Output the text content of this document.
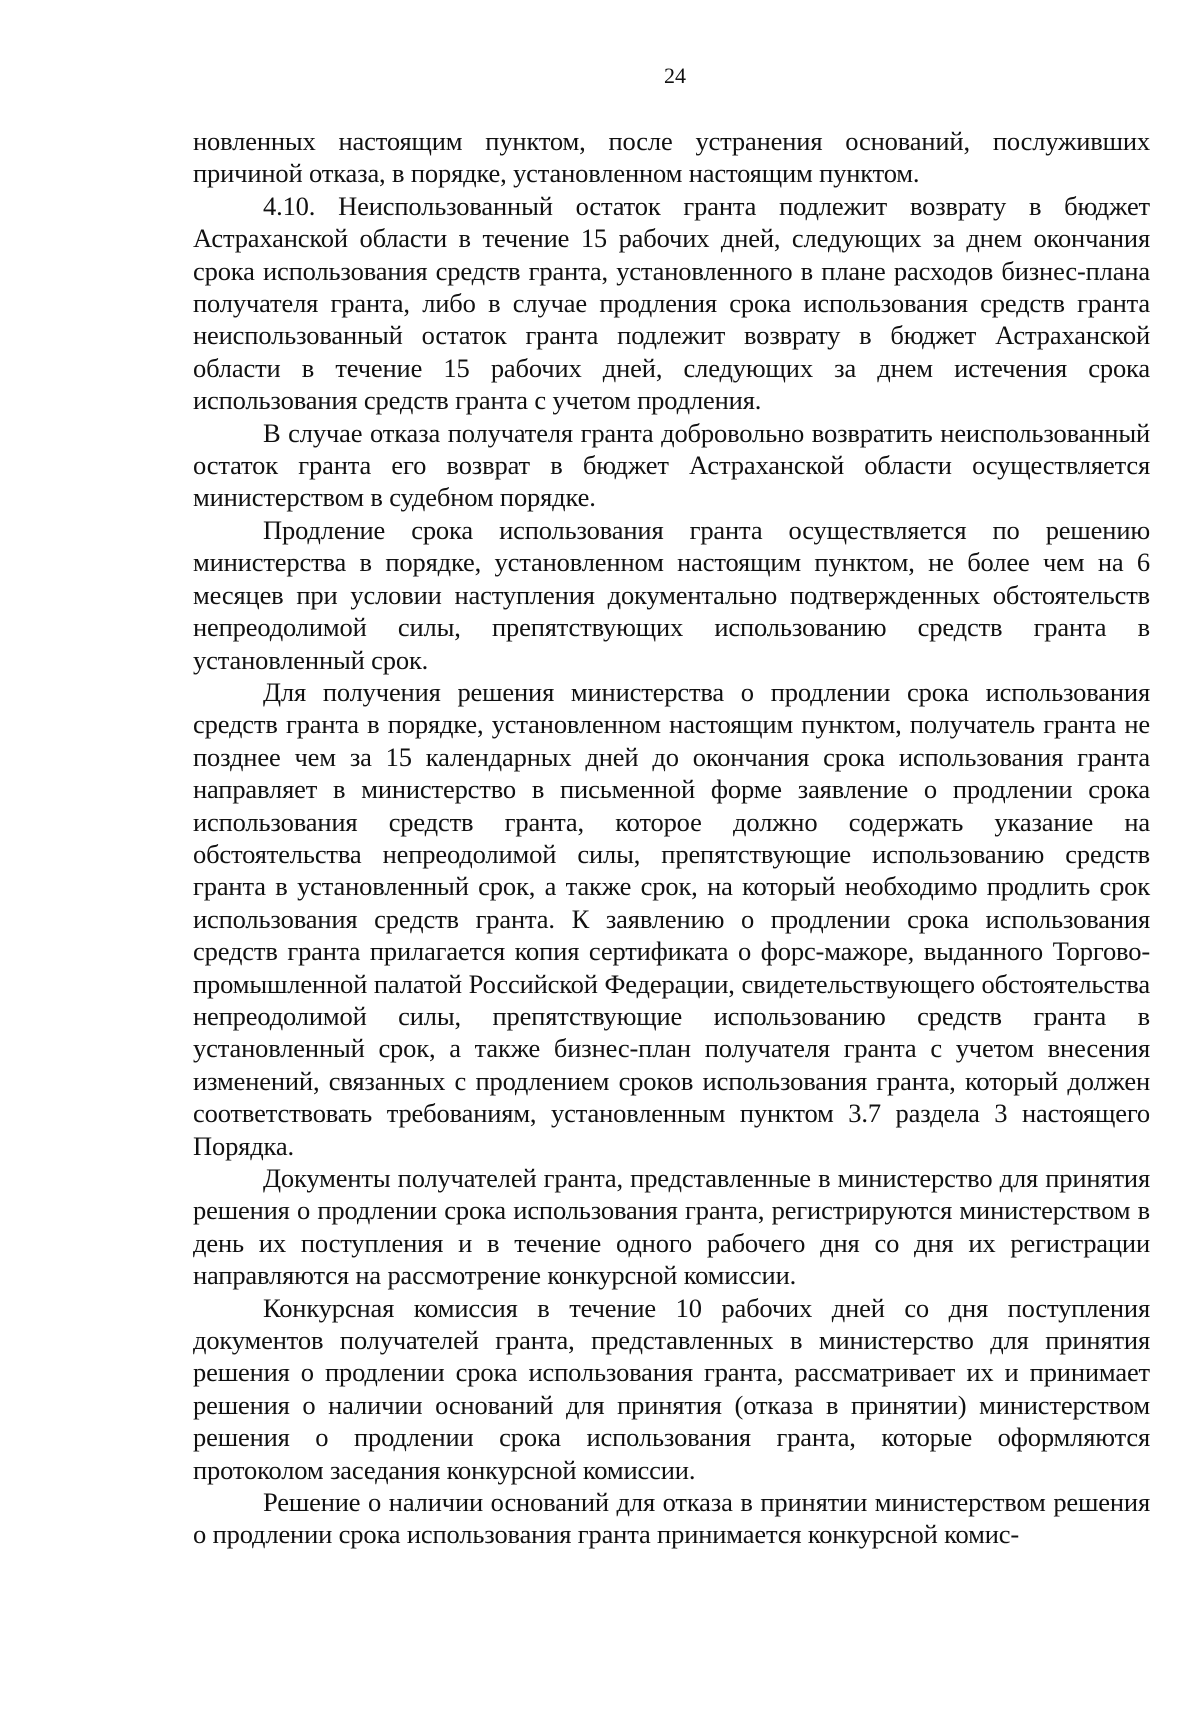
24

новленных настоящим пунктом, после устранения оснований, послуживших причиной отказа, в порядке, установленном настоящим пунктом.

4.10. Неиспользованный остаток гранта подлежит возврату в бюджет Астраханской области в течение 15 рабочих дней, следующих за днем окончания срока использования средств гранта, установленного в плане расходов бизнес-плана получателя гранта, либо в случае продления срока использования средств гранта неиспользованный остаток гранта подлежит возврату в бюджет Астраханской области в течение 15 рабочих дней, следующих за днем истечения срока использования средств гранта с учетом продления.

В случае отказа получателя гранта добровольно возвратить неиспользованный остаток гранта его возврат в бюджет Астраханской области осуществляется министерством в судебном порядке.

Продление срока использования гранта осуществляется по решению министерства в порядке, установленном настоящим пунктом, не более чем на 6 месяцев при условии наступления документально подтвержденных обстоятельств непреодолимой силы, препятствующих использованию средств гранта в установленный срок.

Для получения решения министерства о продлении срока использования средств гранта в порядке, установленном настоящим пунктом, получатель гранта не позднее чем за 15 календарных дней до окончания срока использования гранта направляет в министерство в письменной форме заявление о продлении срока использования средств гранта, которое должно содержать указание на обстоятельства непреодолимой силы, препятствующие использованию средств гранта в установленный срок, а также срок, на который необходимо продлить срок использования средств гранта. К заявлению о продлении срока использования средств гранта прилагается копия сертификата о форс-мажоре, выданного Торгово-промышленной палатой Российской Федерации, свидетельствующего обстоятельства непреодолимой силы, препятствующие использованию средств гранта в установленный срок, а также бизнес-план получателя гранта с учетом внесения изменений, связанных с продлением сроков использования гранта, который должен соответствовать требованиям, установленным пунктом 3.7 раздела 3 настоящего Порядка.

Документы получателей гранта, представленные в министерство для принятия решения о продлении срока использования гранта, регистрируются министерством в день их поступления и в течение одного рабочего дня со дня их регистрации направляются на рассмотрение конкурсной комиссии.

Конкурсная комиссия в течение 10 рабочих дней со дня поступления документов получателей гранта, представленных в министерство для принятия решения о продлении срока использования гранта, рассматривает их и принимает решения о наличии оснований для принятия (отказа в принятии) министерством решения о продлении срока использования гранта, которые оформляются протоколом заседания конкурсной комиссии.

Решение о наличии оснований для отказа в принятии министерством решения о продлении срока использования гранта принимается конкурсной комис-
